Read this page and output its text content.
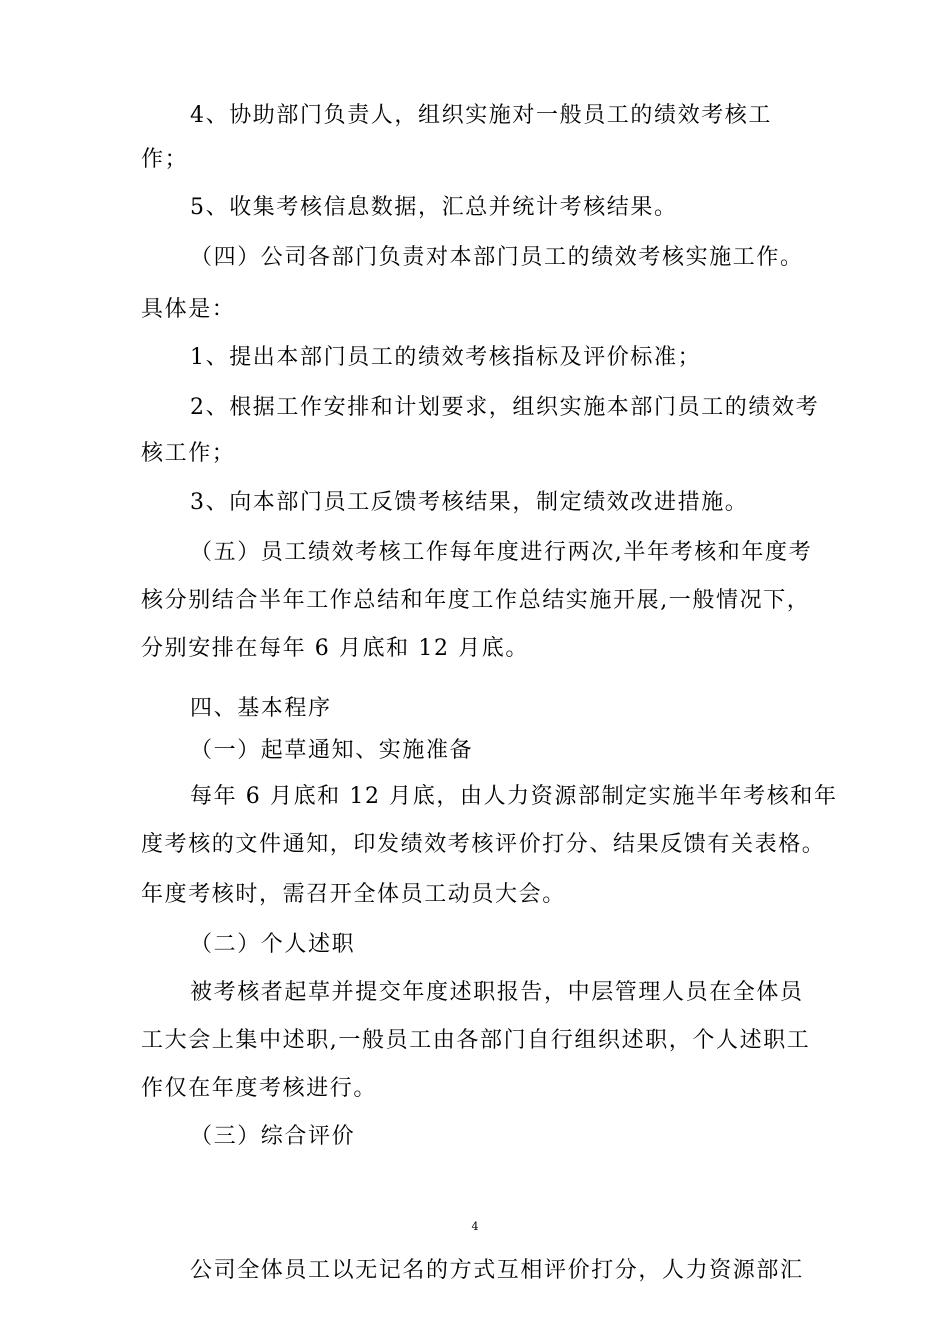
4、协助部门负责人，组织实施对一般员工的绩效考核工
作；
5、收集考核信息数据，汇总并统计考核结果。
（四）公司各部门负责对本部门员工的绩效考核实施工作。
具体是：
1、提出本部门员工的绩效考核指标及评价标准；
2、根据工作安排和计划要求，组织实施本部门员工的绩效考
核工作；
3、向本部门员工反馈考核结果，制定绩效改进措施。
（五）员工绩效考核工作每年度进行两次,半年考核和年度考
核分别结合半年工作总结和年度工作总结实施开展,一般情况下，
分别安排在每年 6 月底和 12 月底。
四、基本程序
（一）起草通知、实施准备
每年 6 月底和 12 月底，由人力资源部制定实施半年考核和年
度考核的文件通知，印发绩效考核评价打分、结果反馈有关表格。
年度考核时，需召开全体员工动员大会。
（二）个人述职
被考核者起草并提交年度述职报告，中层管理人员在全体员
工大会上集中述职,一般员工由各部门自行组织述职，个人述职工
作仅在年度考核进行。
（三）综合评价
4
公司全体员工以无记名的方式互相评价打分，人力资源部汇
